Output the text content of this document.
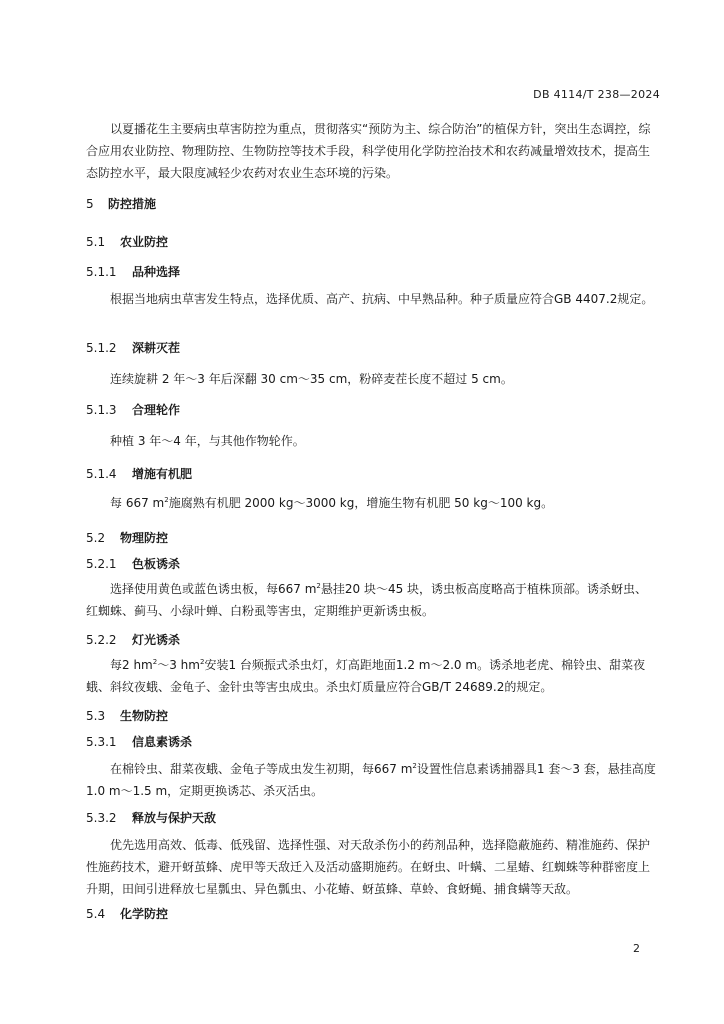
DB 4114/T 238—2024

以夏播花生主要病虫草害防控为重点，贯彻落实“预防为主、综合防治”的植保方针，突出生态调控，综合应用农业防控、物理防控、生物防控等技术手段，科学使用化学防控治技术和农药减量增效技术，提高生态防控水平，最大限度减轻少农药对农业生态环境的污染。

5 防控措施
5.1 农业防控
5.1.1 品种选择

根据当地病虫草害发生特点，选择优质、高产、抗病、中早熟品种。种子质量应符合GB 4407.2规定。

5.1.2 深耕灭茬

连续旋耕 2 年～3 年后深翻 30 cm～35 cm，粉碎麦茬长度不超过 5 cm。

5.1.3 合理轮作

种植 3 年～4 年，与其他作物轮作。

5.1.4 增施有机肥

每 667 $m^2$施腐熟有机肥 2000 kg～3000 kg，增施生物有机肥 50 kg～100 kg。

5.2 物理防控
5.2.1 色板诱杀

选择使用黄色或蓝色诱虫板，每667 $m^2$悬挂20 块～45 块，诱虫板高度略高于植株顶部。诱杀蚜虫、红蜘蛛、蓟马、小绿叶蝉、白粉虱等害虫，定期维护更新诱虫板。

5.2.2 灯光诱杀

每2 $hm^2\sim 3$ $hm^2$安装1 台频振式杀虫灯，灯高距地面1.2 m～2.0 m。诱杀地老虎、棉铃虫、甜菜夜蛾、斜纹夜蛾、金龟子、金针虫等害虫成虫。杀虫灯质量应符合GB/T 24689.2的规定。

5.3 生物防控
5.3.1 信息素诱杀

在棉铃虫、甜菜夜蛾、金龟子等成虫发生初期，每667 $m^2$设置性信息素诱捕器具1 套～3 套，悬挂高度1.0 m～1.5 m，定期更换诱芯、杀灭活虫。

5.3.2 释放与保护天敌

优先选用高效、低毒、低残留、选择性强、对天敌杀伤小的药剂品种，选择隐蔽施药、精准施药、保护性施药技术，避开蚜茧蜂、虎甲等天敌迁入及活动盛期施药。在蚜虫、叶螨、二星蝽、红蜘蛛等种群密度上升期，田间引进释放七星瓢虫、异色瓢虫、小花蝽、蚜茧蜂、草蛉、食蚜蝇、捕食螨等天敌。

5.4 化学防控
2
